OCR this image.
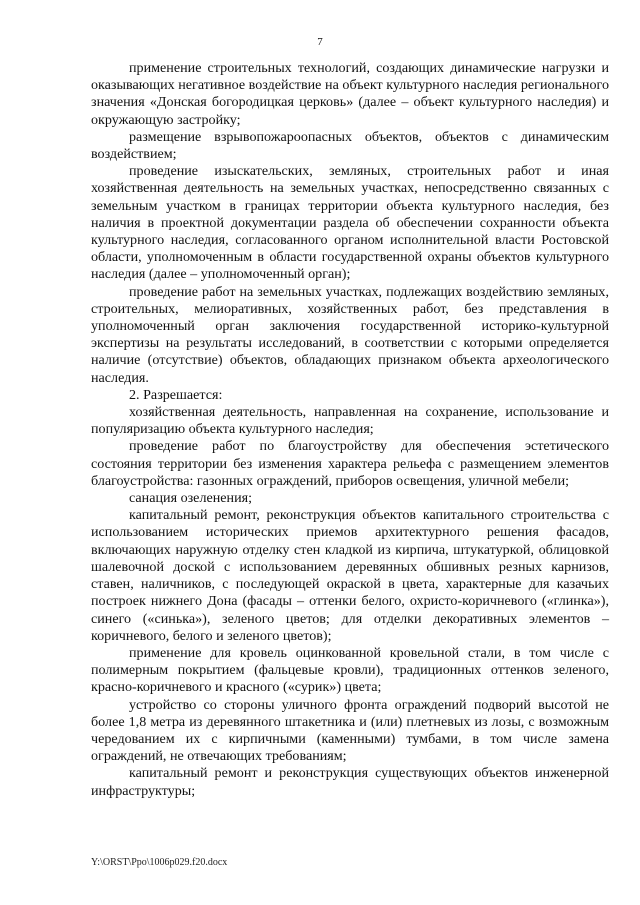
7

применение строительных технологий, создающих динамические нагрузки и оказывающих негативное воздействие на объект культурного наследия регионального значения «Донская богородицкая церковь» (далее – объект культурного наследия) и окружающую застройку;

размещение взрывопожароопасных объектов, объектов с динамическим воздействием;

проведение изыскательских, земляных, строительных работ и иная хозяйственная деятельность на земельных участках, непосредственно связанных с земельным участком в границах территории объекта культурного наследия, без наличия в проектной документации раздела об обеспечении сохранности объекта культурного наследия, согласованного органом исполнительной власти Ростовской области, уполномоченным в области государственной охраны объектов культурного наследия (далее – уполномоченный орган);

проведение работ на земельных участках, подлежащих воздействию земляных, строительных, мелиоративных, хозяйственных работ, без представления в уполномоченный орган заключения государственной историко-культурной экспертизы на результаты исследований, в соответствии с которыми определяется наличие (отсутствие) объектов, обладающих признаком объекта археологического наследия.

2. Разрешается:

хозяйственная деятельность, направленная на сохранение, использование и популяризацию объекта культурного наследия;

проведение работ по благоустройству для обеспечения эстетического состояния территории без изменения характера рельефа с размещением элементов благоустройства: газонных ограждений, приборов освещения, уличной мебели;

санация озеленения;

капитальный ремонт, реконструкция объектов капитального строительства с использованием исторических приемов архитектурного решения фасадов, включающих наружную отделку стен кладкой из кирпича, штукатуркой, облицовкой шалевочной доской с использованием деревянных обшивных резных карнизов, ставен, наличников, с последующей окраской в цвета, характерные для казачьих построек нижнего Дона (фасады – оттенки белого, охристо-коричневого («глинка»), синего («синька»), зеленого цветов; для отделки декоративных элементов – коричневого, белого и зеленого цветов);

применение для кровель оцинкованной кровельной стали, в том числе с полимерным покрытием (фальцевые кровли), традиционных оттенков зеленого, красно-коричневого и красного («сурик») цвета;

устройство со стороны уличного фронта ограждений подворий высотой не более 1,8 метра из деревянного штакетника и (или) плетневых из лозы, с возможным чередованием их с кирпичными (каменными) тумбами, в том числе замена ограждений, не отвечающих требованиям;

капитальный ремонт и реконструкция существующих объектов инженерной инфраструктуры;

Y:\ORST\Ppo\1006p029.f20.docx
